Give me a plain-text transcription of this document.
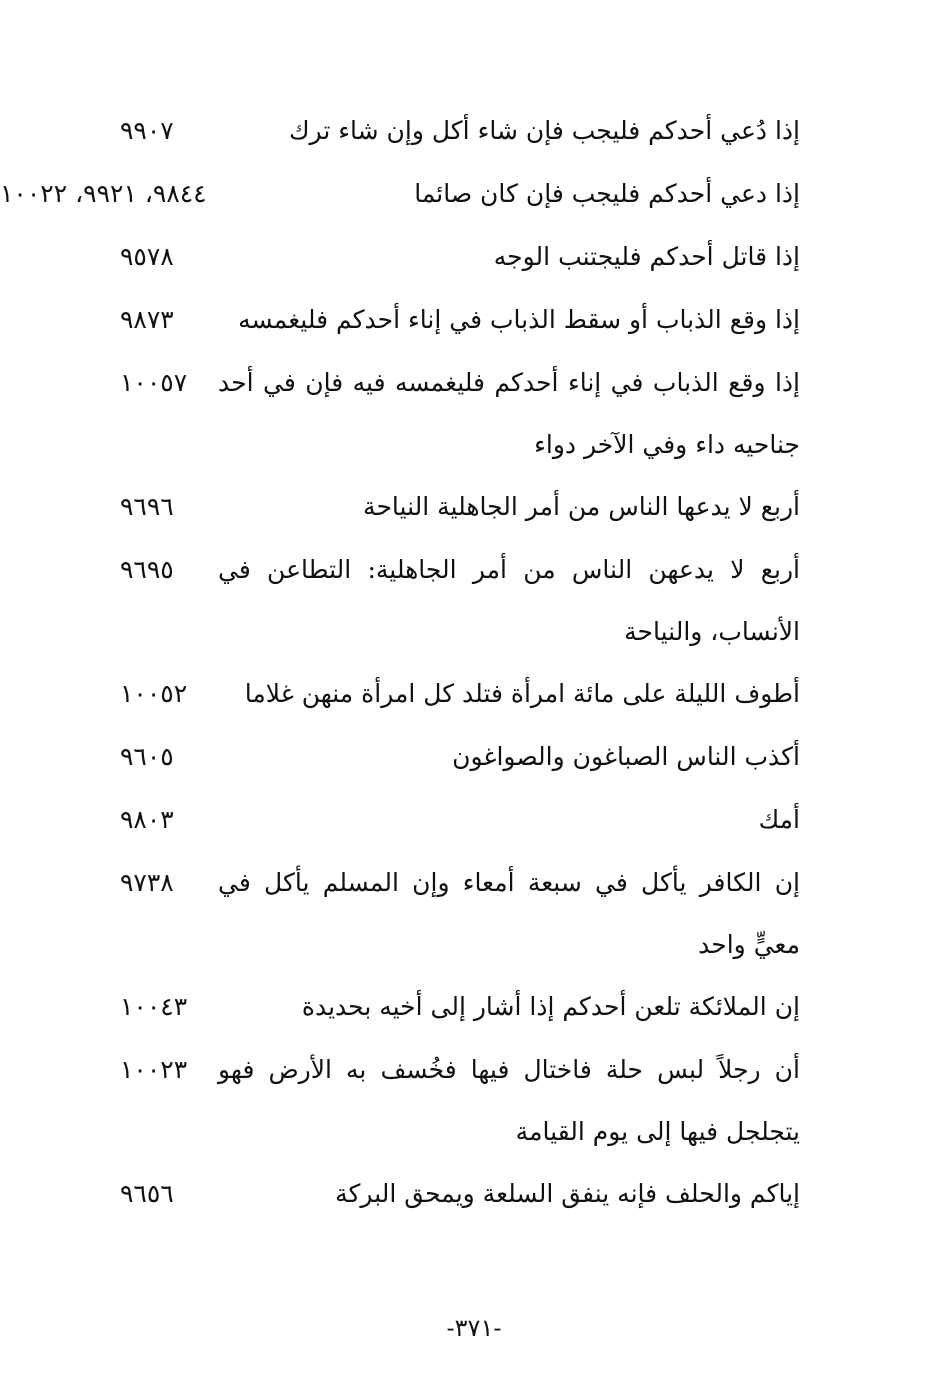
إذا دُعي أحدكم فليجب فإن شاء أكل وإن شاء ترك
٩٩٠٧
إذا دعي أحدكم فليجب فإن كان صائما
٩٨٤٤، ٩٩٢١، ١٠٠٢٢
إذا قاتل أحدكم فليجتنب الوجه
٩٥٧٨
إذا وقع الذباب أو سقط الذباب في إناء أحدكم فليغمسه
٩٨٧٣
إذا وقع الذباب في إناء أحدكم فليغمسه فيه فإن في أحد جناحيه داء وفي الآخر دواء
١٠٠٥٧
أربع لا يدعها الناس من أمر الجاهلية النياحة
٩٦٩٦
أربع لا يدعهن الناس من أمر الجاهلية: التطاعن في الأنساب، والنياحة
٩٦٩٥
أطوف الليلة على مائة امرأة فتلد كل امرأة منهن غلاما
١٠٠٥٢
أكذب الناس الصباغون والصواغون
٩٦٠٥
أمك
٩٨٠٣
إن الكافر يأكل في سبعة أمعاء وإن المسلم يأكل في معيٍّ واحد
٩٧٣٨
إن الملائكة تلعن أحدكم إذا أشار إلى أخيه بحديدة
١٠٠٤٣
أن رجلاً لبس حلة فاختال فيها فخُسف به الأرض فهو يتجلجل فيها إلى يوم القيامة
١٠٠٢٣
إياكم والحلف فإنه ينفق السلعة ويمحق البركة
٩٦٥٦
-٣٧١-
